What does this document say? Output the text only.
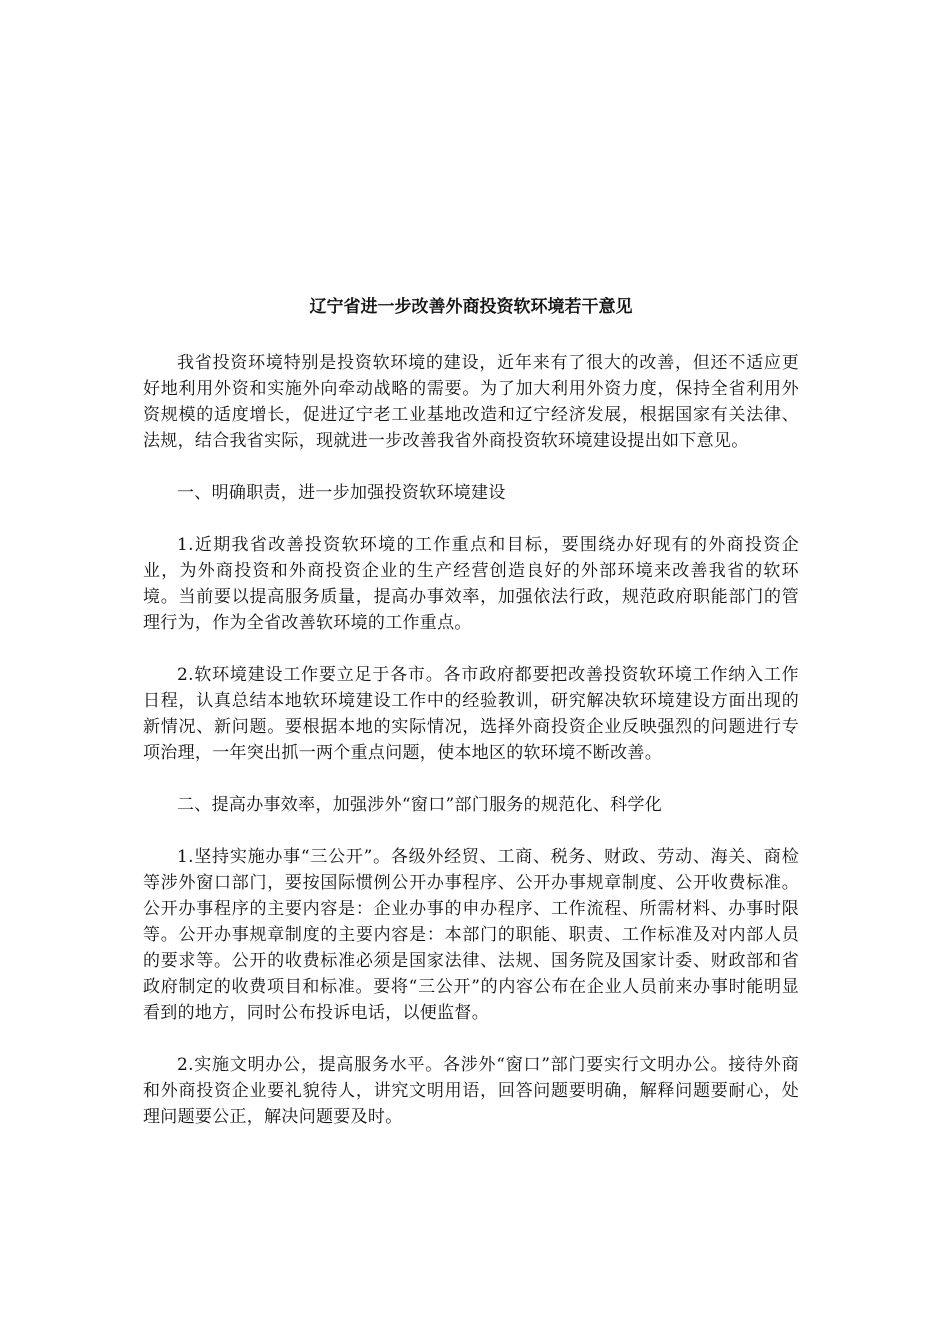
辽宁省进一步改善外商投资软环境若干意见

我省投资环境特别是投资软环境的建设，近年来有了很大的改善，但还不适应更好地利用外资和实施外向牵动战略的需要。为了加大利用外资力度，保持全省利用外资规模的适度增长，促进辽宁老工业基地改造和辽宁经济发展，根据国家有关法律、法规，结合我省实际，现就进一步改善我省外商投资软环境建设提出如下意见。

一、明确职责，进一步加强投资软环境建设

1.近期我省改善投资软环境的工作重点和目标，要围绕办好现有的外商投资企业，为外商投资和外商投资企业的生产经营创造良好的外部环境来改善我省的软环境。当前要以提高服务质量，提高办事效率，加强依法行政，规范政府职能部门的管理行为，作为全省改善软环境的工作重点。

2.软环境建设工作要立足于各市。各市政府都要把改善投资软环境工作纳入工作日程，认真总结本地软环境建设工作中的经验教训，研究解决软环境建设方面出现的新情况、新问题。要根据本地的实际情况，选择外商投资企业反映强烈的问题进行专项治理，一年突出抓一两个重点问题，使本地区的软环境不断改善。

二、提高办事效率，加强涉外“窗口”部门服务的规范化、科学化

1.坚持实施办事“三公开”。各级外经贸、工商、税务、财政、劳动、海关、商检等涉外窗口部门，要按国际惯例公开办事程序、公开办事规章制度、公开收费标准。公开办事程序的主要内容是：企业办事的申办程序、工作流程、所需材料、办事时限等。公开办事规章制度的主要内容是：本部门的职能、职责、工作标准及对内部人员的要求等。公开的收费标准必须是国家法律、法规、国务院及国家计委、财政部和省政府制定的收费项目和标准。要将“三公开”的内容公布在企业人员前来办事时能明显看到的地方，同时公布投诉电话，以便监督。

2.实施文明办公，提高服务水平。各涉外“窗口”部门要实行文明办公。接待外商和外商投资企业要礼貌待人，讲究文明用语，回答问题要明确，解释问题要耐心，处理问题要公正，解决问题要及时。
